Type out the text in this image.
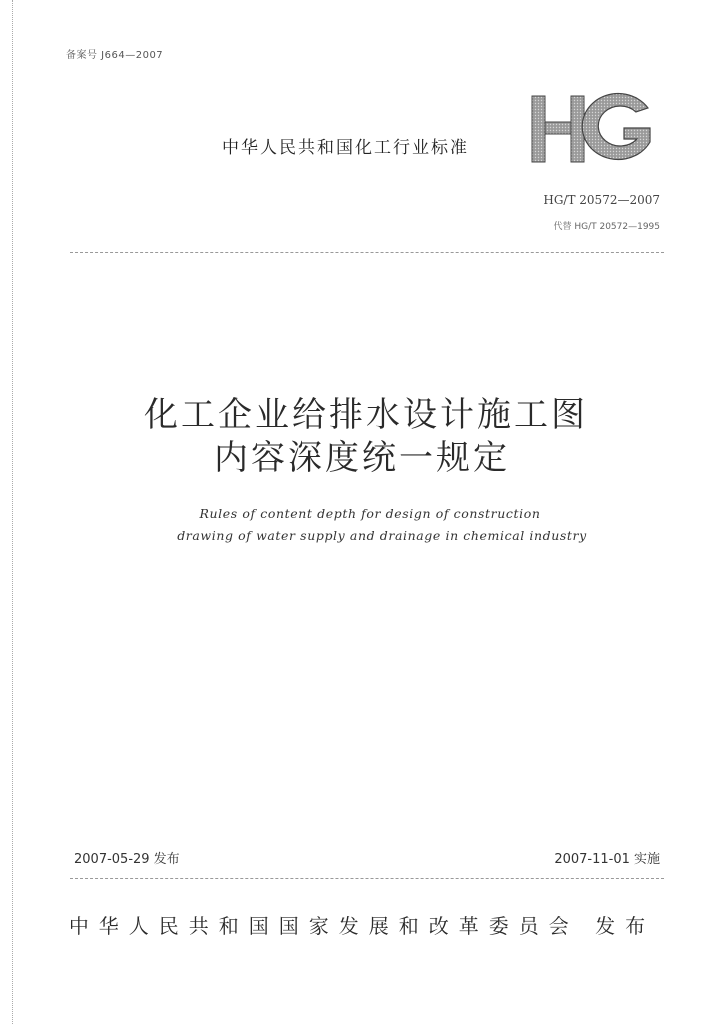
备案号 J664—2007
中华人民共和国化工行业标准
HG/T 20572—2007
代替 HG/T 20572—1995
化工企业给排水设计施工图
内容深度统一规定
Rules of content depth for design of construction
drawing of water supply and drainage in chemical industry
2007-05-29 发布	2007-11-01 实施
中华人民共和国国家发展和改革委员会 发布
